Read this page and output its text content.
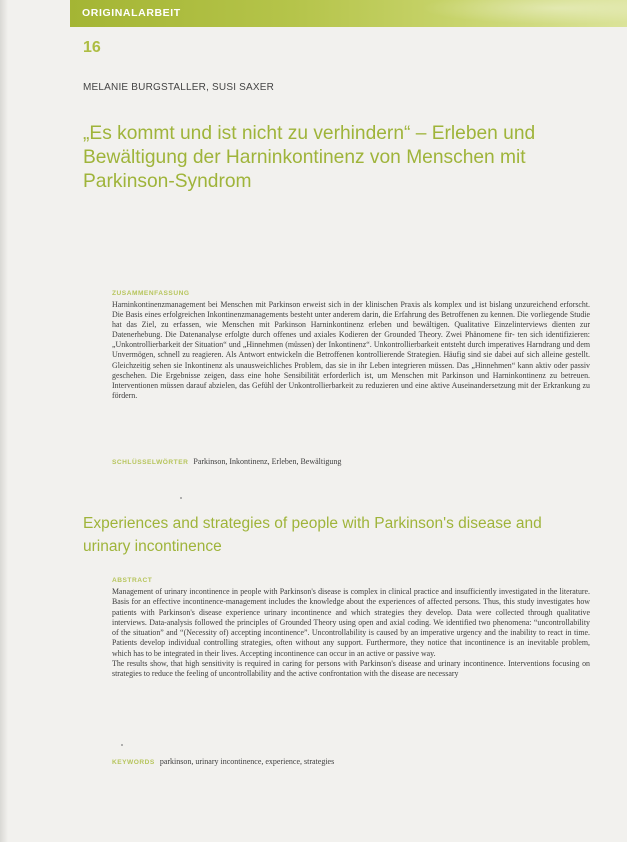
ORIGINALARBEIT
16
MELANIE BURGSTALLER, SUSI SAXER
„Es kommt und ist nicht zu verhindern“ – Erleben und Bewältigung der Harninkontinenz von Menschen mit Parkinson-Syndrom
ZUSAMMENFASSUNG

Harninkontinenzmanagement bei Menschen mit Parkinson erweist sich in der klinischen Praxis als komplex und ist bislang unzureichend erforscht. Die Basis eines erfolgreichen Inkontinenzmanagements besteht unter anderem darin, die Erfahrung des Betroffenen zu kennen. Die vorliegende Studie hat das Ziel, zu erfassen, wie Menschen mit Parkinson Harninkontinenz erleben und bewältigen. Qualitative Einzelinterviews dienten zur Datenerhebung. Die Datenanalyse erfolgte durch offenes und axiales Kodieren der Grounded Theory. Zwei Phänomene fir- ten sich identifizieren: „Unkontrollierbarkeit der Situation“ und „Hinnehmen (müssen) der Inkontinenz“. Unkontrollierbarkeit entsteht durch imperatives Harndrang und dem Unvermögen, schnell zu reagieren. Als Antwort entwickeln die Betroffenen kontrollierende Strategien. Häufig sind sie dabei auf sich alleine gestellt. Gleichzeitig sehen sie Inkontinenz als unausweichliches Problem, das sie in ihr Leben integrieren müssen. Das „Hinnehmen“ kann aktiv oder passiv geschehen. Die Ergebnisse zeigen, dass eine hohe Sensibilität erforderlich ist, um Menschen mit Parkinson und Harninkontinenz zu betreuen. Interventionen müssen darauf abzielen, das Gefühl der Unkontrollierbarkeit zu reduzieren und eine aktive Auseinandersetzung mit der Erkrankung zu fördern.

SCHLÜSSELWÖRTER Parkinson, Inkontinenz, Erleben, Bewältigung
Experiences and strategies of people with Parkinson's disease and urinary incontinence
ABSTRACT
Management of urinary incontinence in people with Parkinson's disease is complex in clinical practice and insufficiently investigated in the literature. Basis for an effective incontinence-management includes the knowledge about the experiences of affected persons. Thus, this study investigates how patients with Parkinson's disease experience urinary incontinence and which strategies they develop. Data were collected through qualitative interviews. Data-analysis followed the principles of Grounded Theory using open and axial coding. We identified two phenomena: “uncontrollability of the situation” and “(Necessity of) accepting incontinence”. Uncontrollability is caused by an imperative urgency and the inability to react in time. Patients develop individual controlling strategies, often without any support. Furthermore, they notice that incontinence is an inevitable problem, which has to be integrated in their lives. Accepting incontinence can occur in an active or passive way.
The results show, that high sensitivity is required in caring for persons with Parkinson's disease and urinary incontinence. Interventions focusing on strategies to reduce the feeling of uncontrollability and the active confrontation with the disease are necessary
KEYWORDS parkinson, urinary incontinence, experience, strategies
